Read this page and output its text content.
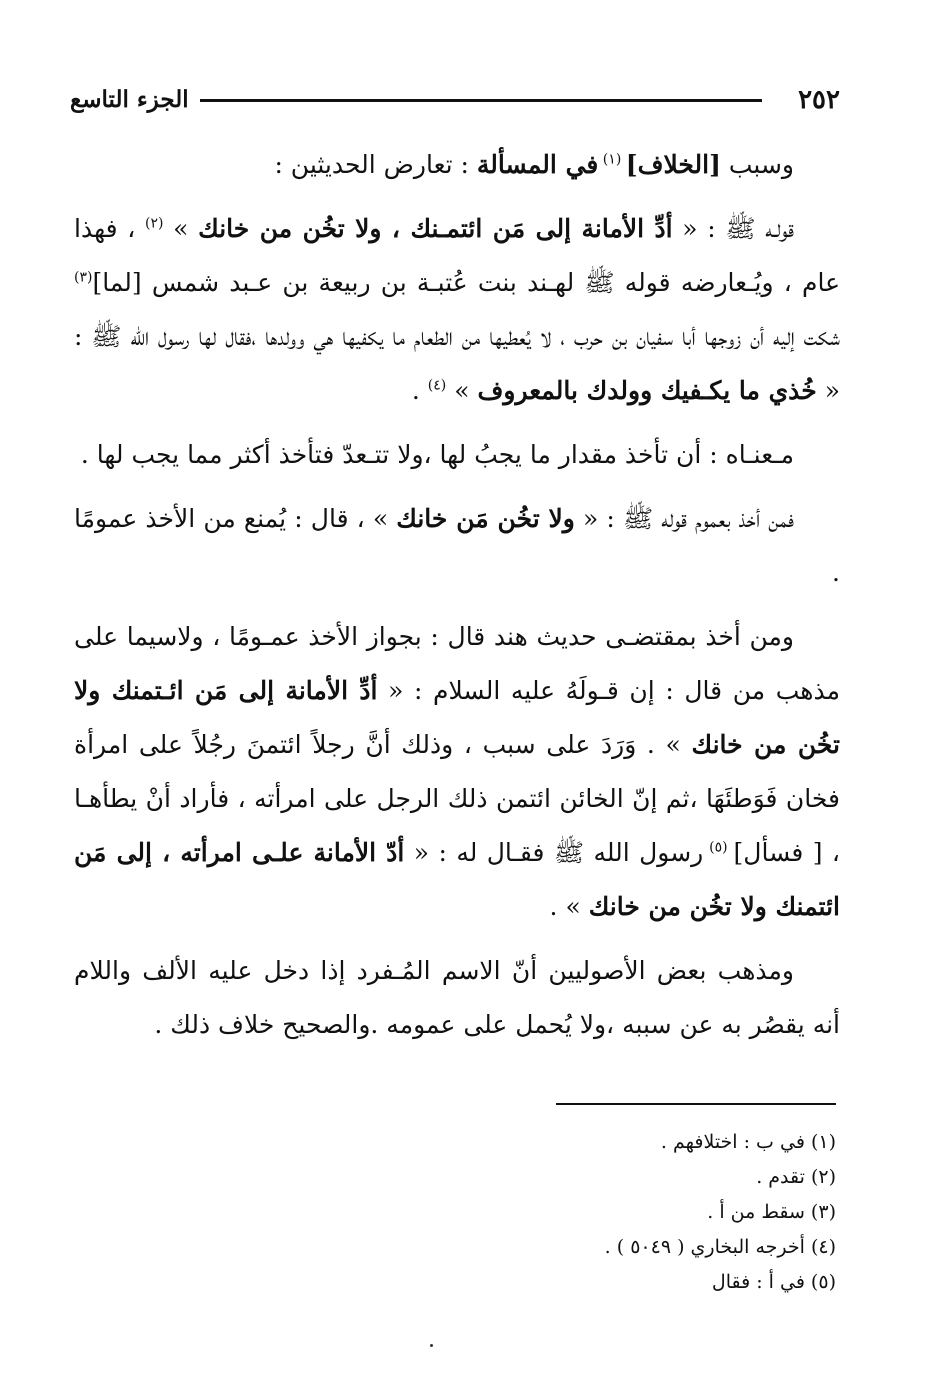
٢٥٢
الجزء التاسع

وسبب [الخلاف] $^{(١)}$ في المسألة : تعارض الحديثين :

قولـه ﷺ : « أدِّ الأمانة إلى مَن ائتمـنك ، ولا تخُن من خانك » $^{(٢)}$ ، فهذا عام ، ويُـعارضه قوله ﷺ لهـند بنت عُتبـة بن ربيعة بن عـبد شمس [لما]$^{(٣)}$ شكت إليه أن زوجها أبا سفيان بن حرب ، لا يُعطيها من الطعام ما يكفيها هي وولدها ،فقال لها رسول الله ﷺ : « خُذي ما يكـفيك وولدك بالمعروف » $^{(٤)}$ .

مـعنـاه : أن تأخذ مقدار ما يجبُ لها ،ولا تتـعدّ فتأخذ أكثر مما يجب لها .

فمن أخذ بعموم قوله ﷺ : « ولا تخُن مَن خانك » ، قال : يُمنع من الأخذ عمومًا .

ومن أخذ بمقتضـى حديث هند قال : بجواز الأخذ عمـومًا ، ولاسيما على مذهب من قال : إن قـولَهُ عليه السلام : « أدِّ الأمانة إلى مَن ائـتمنك ولا تخُن من خانك » . وَرَدَ على سبب ، وذلك أنَّ رجلاً ائتمنَ رجُلاً على امرأة فخان فَوَطئَهَا ،ثم إنّ الخائن ائتمن ذلك الرجل على امرأته ، فأراد أنْ يطأهـا ، [ فسأل] $^{(٥)}$ رسول الله ﷺ فقـال له : « أدّ الأمانة علـى امرأته ، إلى مَن ائتمنك ولا تخُن من خانك » .

ومذهب بعض الأصوليين أنّ الاسم المُـفرد إذا دخل عليه الألف واللام أنه يقصُر به عن سببه ،ولا يُحمل على عمومه .والصحيح خلاف ذلك .

(١) في ب : اختلافهم .
(٢) تقدم .
(٣) سقط من أ .
(٤) أخرجه البخاري ( ٥٠٤٩ ) .
(٥) في أ : فقال
